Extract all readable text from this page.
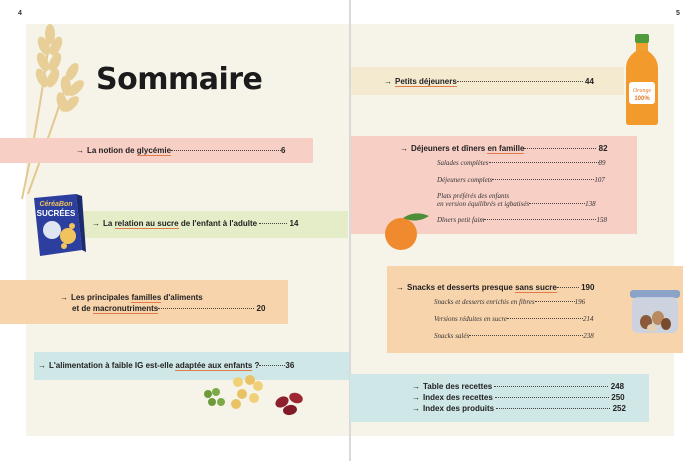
4	5
Sommaire
→ La notion de glycémie	6
→ La relation au sucre de l'enfant à l'adulte	14
CéréaBon
SUCRÉES
→ Les principales familles d'aliments
et de macronutriments	20
→ L'alimentation à faible IG est-elle adaptée aux enfants ?	36
→ Petits déjeuners	44
Orange
100%
→ Déjeuners et dîners en famille	82
Salades complètes	89
Déjeuners complets	107
Plats préférés des enfants
en version équilibrés et igbatisés	138
Dîners petit faim	158
→ Snacks et desserts presque sans sucre	190
Snacks et desserts enrichis en fibres	196
Versions réduites en sucre	214
Snacks salés	238
→ Table des recettes	248
→ Index des recettes	250
→ Index des produits	252
